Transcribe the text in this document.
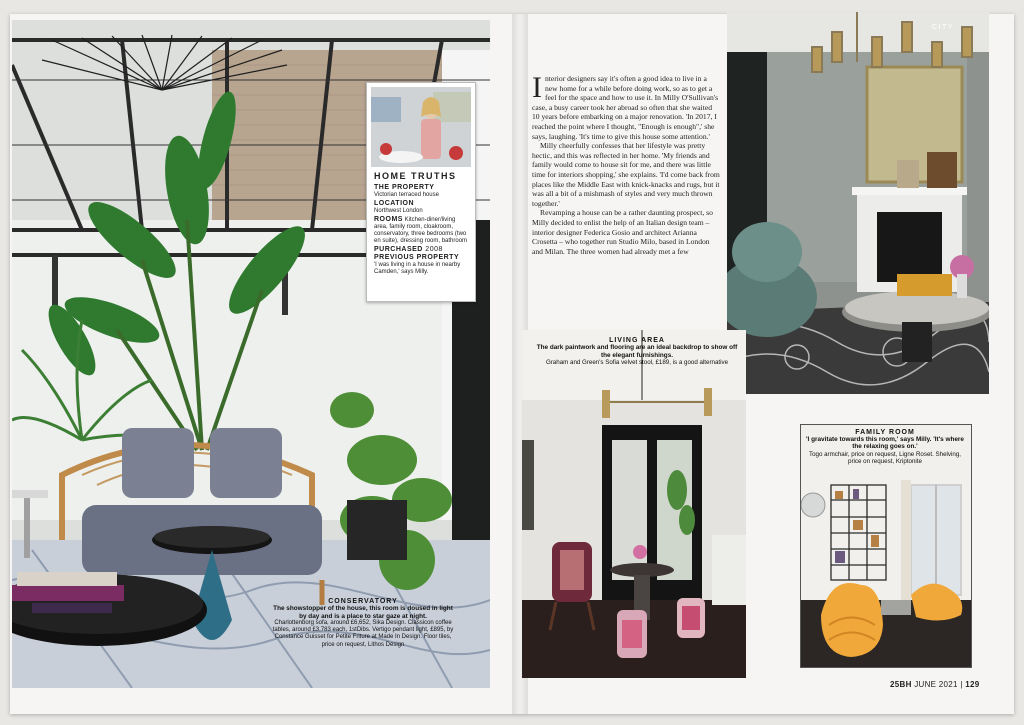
CONSERVATORY
The showstopper of the house, this room is doused in light by day and is a place to star gaze at night.
Charlottenborg sofa, around £6,652, Sika Design. Classicon coffee tables, around £3,783 each, 1stDibs. Vertigo pendant light, £895, by Constance Guisset for Petite Friture at Made In Design. Floor tiles, price on request, Lithos Design
HOME TRUTHS
THE PROPERTY
Victorian terraced house
LOCATION
Northwest London
ROOMS Kitchen-diner/living area, family room, cloakroom, conservatory, three bedrooms (two en suite), dressing room, bathroom
PURCHASED 2008
PREVIOUS PROPERTY
'I was living in a house in nearby Camden,' says Milly.

Interior designers say it's often a good idea to live in a new home for a while before doing work, so as to get a feel for the space and how to use it. In Milly O'Sullivan's case, a busy career took her abroad so often that she waited 10 years before embarking on a major renovation. 'In 2017, I reached the point where I thought, "Enough is enough",' she says, laughing. 'It's time to give this house some attention.'

Milly cheerfully confesses that her lifestyle was pretty hectic, and this was reflected in her home. 'My friends and family would come to house sit for me, and there was little time for interiors shopping,' she explains. 'I'd come back from places like the Middle East with knick-knacks and rugs, but it was all a bit of a mishmash of styles and very much thrown together.'

Revamping a house can be a rather daunting prospect, so Milly decided to enlist the help of an Italian design team – interior designer Federica Gosio and architect Arianna Crosetta – who together run Studio Milo, based in London and Milan. The three women had already met a few

CITY
LIVING AREA
The dark paintwork and flooring are an ideal backdrop to show off the elegant furnishings.
Graham and Green's Sofia velvet stool, £189, is a good alternative
FAMILY ROOM
'I gravitate towards this room,' says Milly. 'It's where the relaxing goes on.'
Togo armchair, price on request, Ligne Roset. Shelving, price on request, Kriptonite
25BH JUNE 2021 | 129
